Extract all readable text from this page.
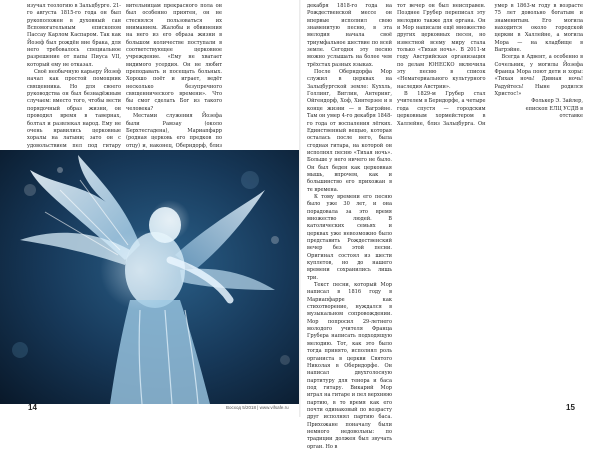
изучал теологию в Зальцбурге. 21-го августа 1815-го года он был рукоположен в духовный сан Вспомогательным епископом Пассау Карлом Каспаром. Так как Йозеф был рождён вне брака, для него требовалось специальное разрешение от папы Пиуса VII, который ему не отказал.

Своё необычную карьеру Йозеф начал как простой помощник священника. Но для своего руководства он был безнадёжным случаем: вместо того, чтобы вести порядочный образ жизни, он проводил время в тавернах, болтал и развлекал народ. Ему не очень нравились церковные хоралы на латыни; зато он с удовольствием пел под гитару

вительницам прекрасного пола он был особенно приятен, он не стеснялся пользоваться их вниманием. Жалобы и обвинения на него из его образа жизни в большом количестве поступали в соответствующее церковное учреждение. «Ему не хватает видимого усердия. Он не любит преподавать и посещать больных. Хорошо поёт и играет, ведёт несколько безупречного священнического времени». Что бы смог сделать Бог из такого человека?

Местами служения Йозефа были Рамзау (около Берхтесгадена), Мариапфарр (родная церковь его предков по отцу) и, наконец, Оберндорф, близ

14	Восход 5/2018 | www.vifsafe.ru	15

декабря 1818-го года на Рождественской мессе он впервые исполнил свою знаменитую песню, в эта мелодия начала своё триумфальное шествие по всей земле. Сегодня эту песню можно услышать на более чем трёхстах разных языках.

После Оберндорфа Мор служил в церквах на Зальцбургской земле: Куххль, Голлинг, Виглин, Антеринг, Ойгендорф, Хоф, Хинтерзее и в конце жизни — в Вагрэйне. Там он умер 4-го декабря 1848-го года от воспаления лёгких. Единственный вещью, которая осталась после него, была сгодная гитара, на которой он исполнял песню «Тихая ночь». Больше у него ничего не было. Он был беден как церковная мышь, впрочем, как и большинство его прихожан в те времена.

К тому времени его песню было уже 30 лет, и она порадовала за это время множество людей. В католических семьях и церквах уже невозможно было представить Рождественский вечер без этой песни. Оригинал состоял из шести куплетов, но до нашего времени сохранились лишь три.

Текст песни, который Мор написал в 1816 году в Мариапфарре как стихотворение, нуждался в музыкальном сопровождении. Мор попросил 29-летнего молодого учителя Франца Грубера написать подходящую мелодию. Тот, как это было тогда принято, исполнял роль органиста в церкви Святого Николая в Оберндорфе. Он написал двухголосную партитуру для тенора и баса под гитару. Викарий Мор играл на гитаре и пел верхнюю партию, в то время как его почти одинаковый по возрасту друг исполнял партию баса. Прихожане поначалу были немного недовольны: по традиции должен был звучать орган. Но в

тот вечер он был неисправен. Позднее Грубер переписал эту мелодию также для органа. Он и Мор написали ещё множество других церковных песен, но известной всему миру стала только «Тихая ночь». В 2011-м году Австрийская организация по делам ЮНЕСКО включила эту песню в список «Нематериального культурного наследия Австрии».

В 1829-м Грубер стал учителем в Берндорфе, а четыре года спустя — городским церковным хормейстером в Халлейне, близ Зальцбурга. Он умер в 1863-м году в возрасте 75 лет довольно богатым и знаменитым. Его могила находится около городской церкви в Халлейне, а могила Мора — на кладбище в Вагрэйне.

Всегда в Адвент, а особенно в Сочельник, у могилы Йозефа Франца Мора поют дети и хоры: «Тихая ночь! Дивная ночь! Радуйтесь! Ныне родился Христос!»

Фолькер Э. Зайлер,

епископ ЕЛЦ УСДВ в отставке
